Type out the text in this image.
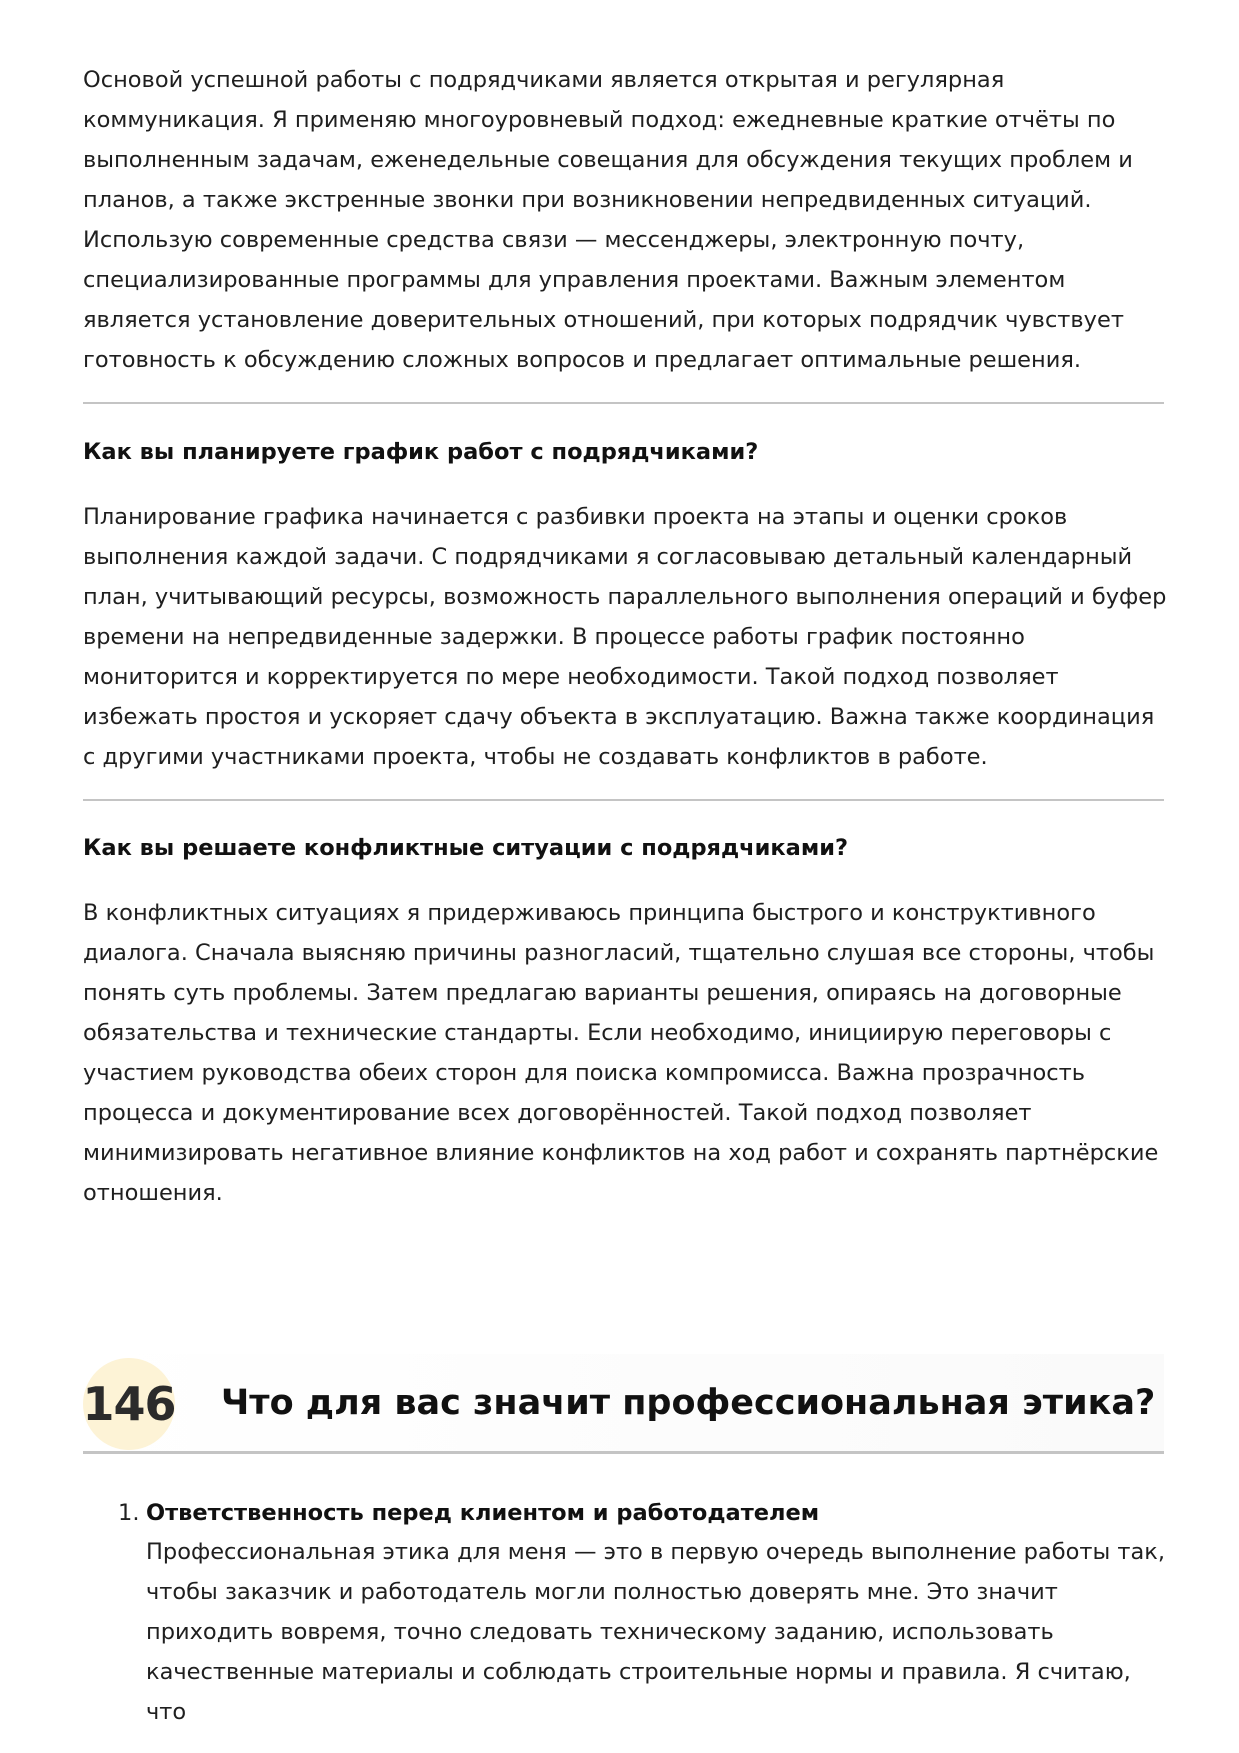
Основой успешной работы с подрядчиками является открытая и регулярная коммуникация. Я применяю многоуровневый подход: ежедневные краткие отчёты по выполненным задачам, еженедельные совещания для обсуждения текущих проблем и планов, а также экстренные звонки при возникновении непредвиденных ситуаций. Использую современные средства связи — мессенджеры, электронную почту, специализированные программы для управления проектами. Важным элементом является установление доверительных отношений, при которых подрядчик чувствует готовность к обсуждению сложных вопросов и предлагает оптимальные решения.

Как вы планируете график работ с подрядчиками?

Планирование графика начинается с разбивки проекта на этапы и оценки сроков выполнения каждой задачи. С подрядчиками я согласовываю детальный календарный план, учитывающий ресурсы, возможность параллельного выполнения операций и буфер времени на непредвиденные задержки. В процессе работы график постоянно мониторится и корректируется по мере необходимости. Такой подход позволяет избежать простоя и ускоряет сдачу объекта в эксплуатацию. Важна также координация с другими участниками проекта, чтобы не создавать конфликтов в работе.

Как вы решаете конфликтные ситуации с подрядчиками?

В конфликтных ситуациях я придерживаюсь принципа быстрого и конструктивного диалога. Сначала выясняю причины разногласий, тщательно слушая все стороны, чтобы понять суть проблемы. Затем предлагаю варианты решения, опираясь на договорные обязательства и технические стандарты. Если необходимо, инициирую переговоры с участием руководства обеих сторон для поиска компромисса. Важна прозрачность процесса и документирование всех договорённостей. Такой подход позволяет минимизировать негативное влияние конфликтов на ход работ и сохранять партнёрские отношения.

146 Что для вас значит профессиональная этика?
1. Ответственность перед клиентом и работодателем

Профессиональная этика для меня — это в первую очередь выполнение работы так, чтобы заказчик и работодатель могли полностью доверять мне. Это значит приходить вовремя, точно следовать техническому заданию, использовать качественные материалы и соблюдать строительные нормы и правила. Я считаю, что
